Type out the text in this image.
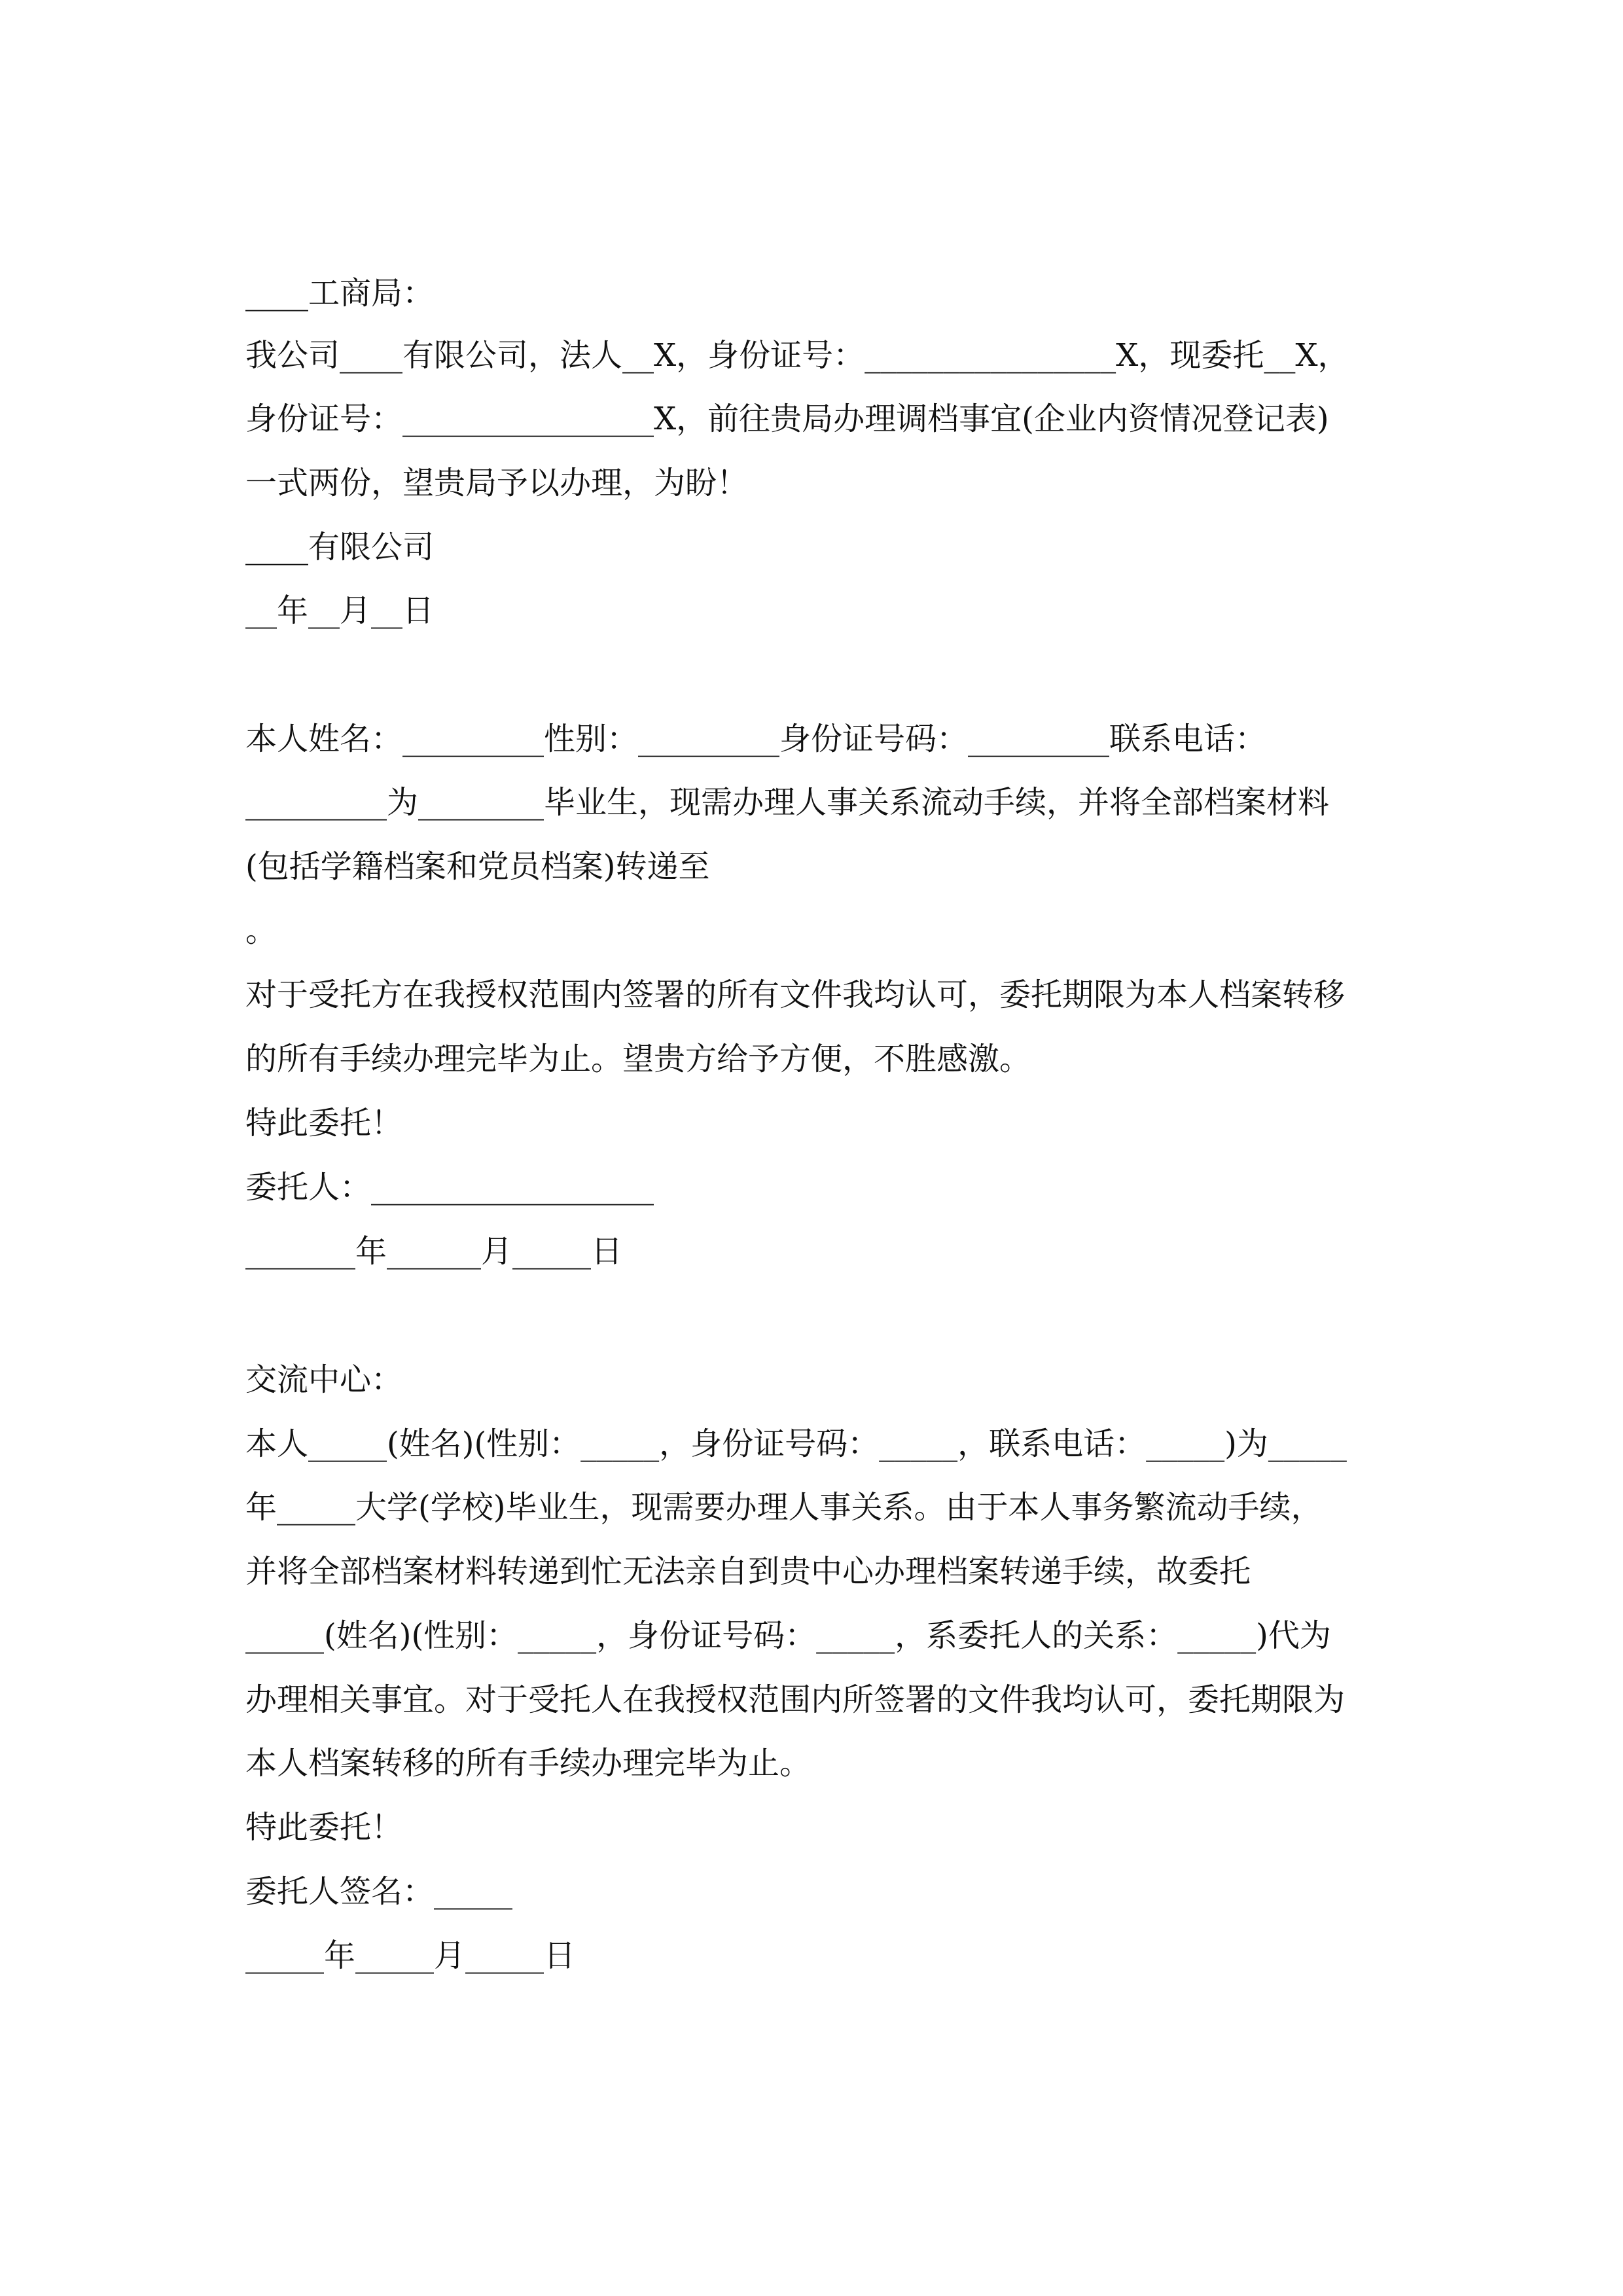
____工商局：
我公司____有限公司，法人__X，身份证号：________________X，现委托__X，
身份证号：________________X，前往贵局办理调档事宜(企业内资情况登记表)
一式两份，望贵局予以办理，为盼！
____有限公司
__年__月__日
本人姓名：_________性别：_________身份证号码：_________联系电话：
_________为________毕业生，现需办理人事关系流动手续，并将全部档案材料
(包括学籍档案和党员档案)转递至
。
对于受托方在我授权范围内签署的所有文件我均认可，委托期限为本人档案转移
的所有手续办理完毕为止。望贵方给予方便，不胜感激。
特此委托！
委托人：__________________
_______年______月_____日
交流中心：
本人_____(姓名)(性别：_____，身份证号码：_____，联系电话：_____)为_____
年_____大学(学校)毕业生，现需要办理人事关系。由于本人事务繁流动手续，
并将全部档案材料转递到忙无法亲自到贵中心办理档案转递手续，故委托
_____(姓名)(性别：_____，身份证号码：_____，系委托人的关系：_____)代为
办理相关事宜。对于受托人在我授权范围内所签署的文件我均认可，委托期限为
本人档案转移的所有手续办理完毕为止。
特此委托！
委托人签名：_____
_____年_____月_____日
